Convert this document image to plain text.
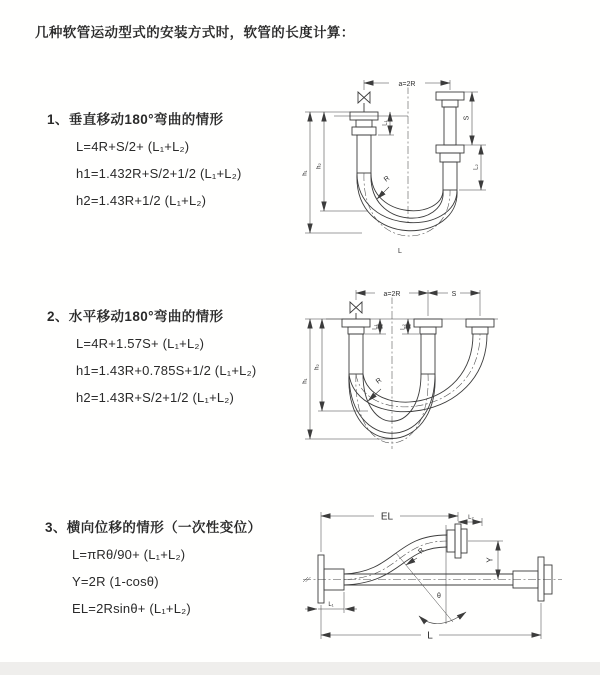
几种软管运动型式的安装方式时，软管的长度计算：
1、垂直移动180°弯曲的情形
L=4R+S/2+ (L₁+L₂)
h1=1.432R+S/2+1/2 (L₁+L₂)
h2=1.43R+1/2 (L₁+L₂)
2、水平移动180°弯曲的情形
L=4R+1.57S+ (L₁+L₂)
h1=1.43R+0.785S+1/2 (L₁+L₂)
h2=1.43R+S/2+1/2 (L₁+L₂)
3、横向位移的情形（一次性变位）
L=πRθ/90+ (L₁+L₂)
Y=2R (1-cosθ)
EL=2Rsinθ+ (L₁+L₂)
a=2R
L
h₁
h₂
L₁
S
L₂
R
a=2R	S
h₁
h₂
L₁	L₂
R
EL	L₂
Y
θ
R
L
L₁
